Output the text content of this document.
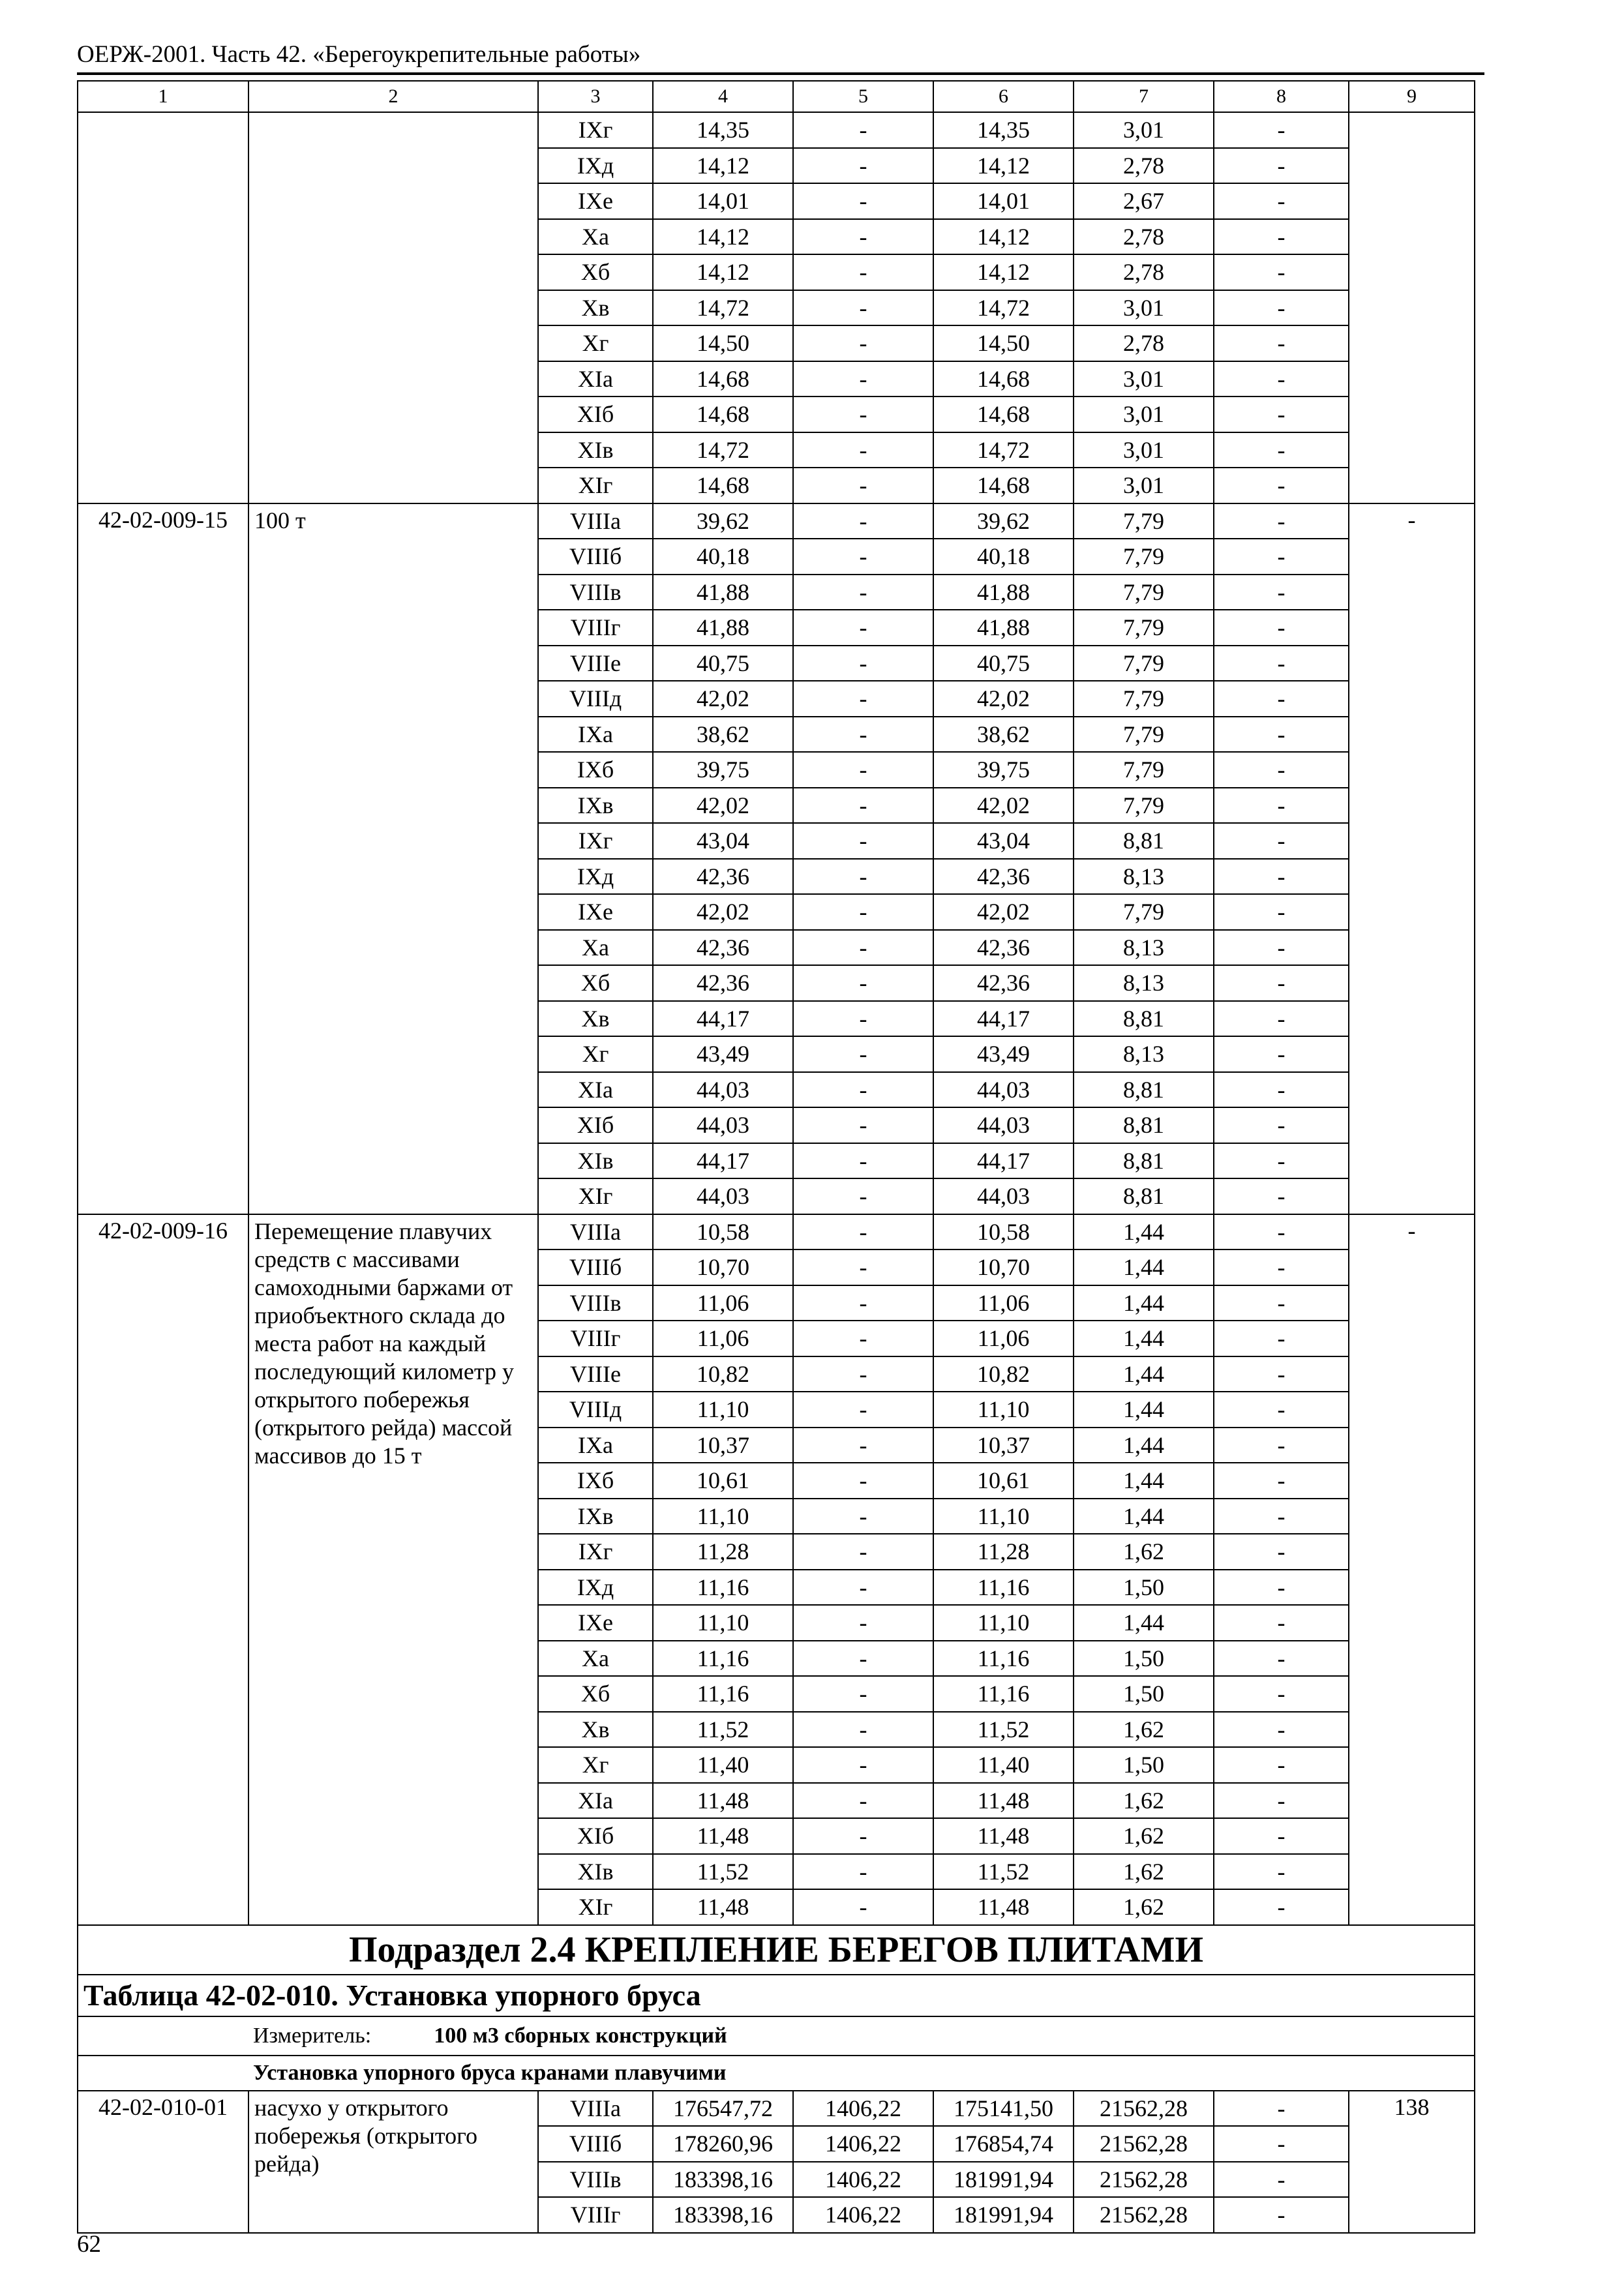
ОЕРЖ-2001. Часть 42. «Берегоукрепительные работы»
1	2	3	4	5	6	7	8	9
		IXг	14,35	-	14,35	3,01	-	
		IXд	14,12	-	14,12	2,78	-	
		IXе	14,01	-	14,01	2,67	-	
		Xа	14,12	-	14,12	2,78	-	
		Xб	14,12	-	14,12	2,78	-	
		Xв	14,72	-	14,72	3,01	-	
		Xг	14,50	-	14,50	2,78	-	
		XIа	14,68	-	14,68	3,01	-	
		XIб	14,68	-	14,68	3,01	-	
		XIв	14,72	-	14,72	3,01	-	
		XIг	14,68	-	14,68	3,01	-	
42-02-009-15	100 т	VIIIа	39,62	-	39,62	7,79	-	-
		VIIIб	40,18	-	40,18	7,79	-	
		VIIIв	41,88	-	41,88	7,79	-	
		VIIIг	41,88	-	41,88	7,79	-	
		VIIIе	40,75	-	40,75	7,79	-	
		VIIIд	42,02	-	42,02	7,79	-	
		IXа	38,62	-	38,62	7,79	-	
		IXб	39,75	-	39,75	7,79	-	
		IXв	42,02	-	42,02	7,79	-	
		IXг	43,04	-	43,04	8,81	-	
		IXд	42,36	-	42,36	8,13	-	
		IXе	42,02	-	42,02	7,79	-	
		Xа	42,36	-	42,36	8,13	-	
		Xб	42,36	-	42,36	8,13	-	
		Xв	44,17	-	44,17	8,81	-	
		Xг	43,49	-	43,49	8,13	-	
		XIа	44,03	-	44,03	8,81	-	
		XIб	44,03	-	44,03	8,81	-	
		XIв	44,17	-	44,17	8,81	-	
		XIг	44,03	-	44,03	8,81	-	
42-02-009-16	Перемещение плавучих средств с массивами самоходными баржами от приобъектного склада до места работ на каждый последующий километр у открытого побережья (открытого рейда) массой массивов до 15 т	VIIIа	10,58	-	10,58	1,44	-	-
		VIIIб	10,70	-	10,70	1,44	-	
		VIIIв	11,06	-	11,06	1,44	-	
		VIIIг	11,06	-	11,06	1,44	-	
		VIIIе	10,82	-	10,82	1,44	-	
		VIIIд	11,10	-	11,10	1,44	-	
		IXа	10,37	-	10,37	1,44	-	
		IXб	10,61	-	10,61	1,44	-	
		IXв	11,10	-	11,10	1,44	-	
		IXг	11,28	-	11,28	1,62	-	
		IXд	11,16	-	11,16	1,50	-	
		IXе	11,10	-	11,10	1,44	-	
		Xа	11,16	-	11,16	1,50	-	
		Xб	11,16	-	11,16	1,50	-	
		Xв	11,52	-	11,52	1,62	-	
		Xг	11,40	-	11,40	1,50	-	
		XIа	11,48	-	11,48	1,62	-	
		XIб	11,48	-	11,48	1,62	-	
		XIв	11,52	-	11,52	1,62	-	
		XIг	11,48	-	11,48	1,62	-	
Подраздел 2.4 КРЕПЛЕНИЕ БЕРЕГОВ ПЛИТАМИ								
Таблица 42-02-010. Установка упорного бруса								
Измеритель: 100 м3 сборных конструкций								
Установка упорного бруса кранами плавучими								
42-02-010-01	насухо у открытого побережья (открытого рейда)	VIIIа	176547,72	1406,22	175141,50	21562,28	-	138
		VIIIб	178260,96	1406,22	176854,74	21562,28	-	
		VIIIв	183398,16	1406,22	181991,94	21562,28	-	
		VIIIг	183398,16	1406,22	181991,94	21562,28	-	
62
